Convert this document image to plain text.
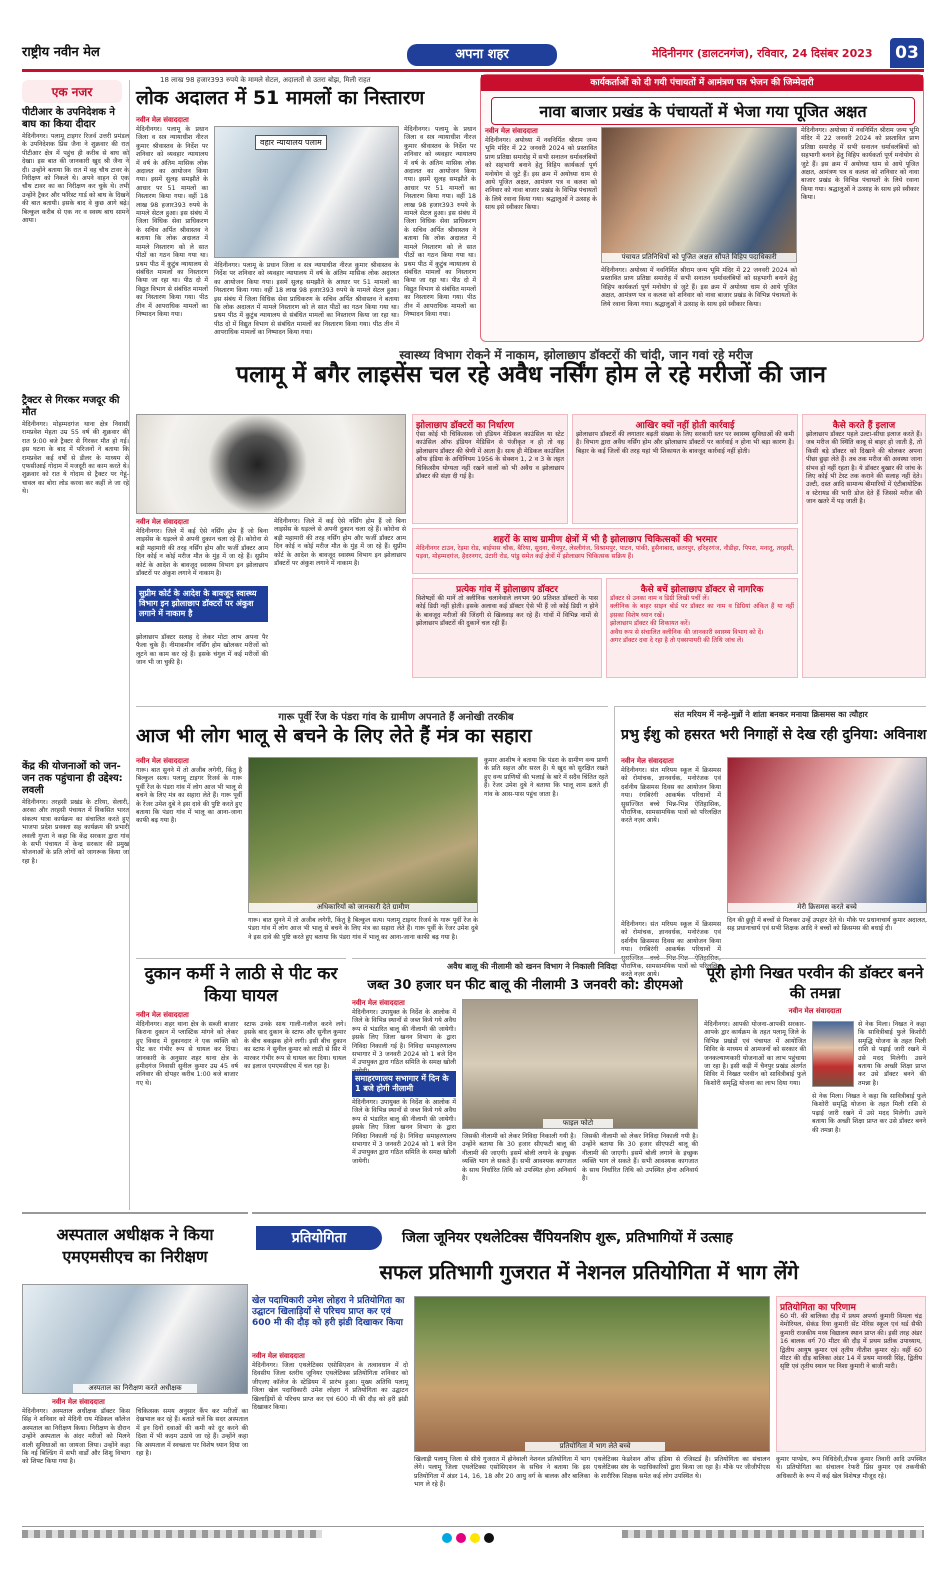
राष्ट्रीय नवीन मेल	अपना शहर	मेदिनीनगर (डालटनगंज), रविवार, 24 दिसंबर 2023	03
एक नजर
पीटीआर के उपनिदेशक ने बाघ का किया दीदार
मेदिनीनगर। पलामू टाइगर रिजर्व उत्तरी प्रमंडल के उपनिदेशक प्रिंस जैना ने शुक्रवार की रात पीटीआर क्षेत्र में पहुंच ही करीब से बाघ को देखा। इस बात की जानकारी खुद श्री जैना ने दी। उन्होंने बताया कि रात में वह चौथ टावर के निरीक्षण को निकले थे। अपने वाहन से एक चौथ टावर का का निरीक्षण कर चुके थे। तभी उन्होंने ट्रैकर और फॉरेस्ट गार्ड को बाघ के दिखने की बात बतायी। इसके बाद वे कुछ आगे बढ़े। बिल्कुल करीब से एक नर व स्वस्थ बाघ सामने आया।
ट्रैक्टर से गिरकर मजदूर की मौत
मेदिनीनगर। मोहम्मदगंज थाना क्षेत्र निवासी रामप्रवेश मेहता उम्र 55 वर्ष की शुक्रवार की रात 9:00 बजे ट्रैक्टर से गिरकर मौत हो गई। इस घटना के बाद में परिजनों ने बताया कि रामप्रवेश कई वर्षों से डीलर के माध्यम से एफसीआई गोदाम में मजदूरी का काम करते थे। शुक्रवार को रात ये गोदाम से ट्रैक्टर पर गेहूं-चावल का बोरा लोड करवा कर कहीं ले जा रहे थे।
केंद्र की योजनाओं को जन-जन तक पहुंचाना ही उद्देश्य: लवली
मेदिनीनगर। तरहसी प्रखंड के टरिया, सेलारी, अरका और तरहसी पंचायत में विकसित भारत संकल्प यात्रा कार्यक्रम का संचालित करते हुए भाजपा प्रदेश प्रवक्ता सह कार्यक्रम की प्रभारी लवली गुप्ता ने कहा कि केंद्र सरकार द्वारा गांव के सभी पंचायत में केन्द्र सरकार की प्रमुख योजनाओं के प्रति लोगों को जागरूक किया जा रहा है।
18 लाख 98 हजार393 रुपये के मामले सेटल, अदालतों से उतरा बोझ, मिली राहत
लोक अदालत में 51 मामलों का निस्तारण
नवीन मेल संवाददाता
मेदिनीनगर। पलामू के प्रधान जिला व सत्र न्यायाधीश नीरज कुमार श्रीवास्तव के निर्देश पर शनिवार को व्यवहार न्यायालय में वर्ष के अंतिम मासिक लोक अदालत का आयोजन किया गया। इसमें सुलह समझौते के आधार पर 51 मामलों का निस्तारण किया गया। वहीं 18 लाख 98 हजार393 रुपये के मामले सेटल हुआ। इस संबंध में जिला विधिक सेवा प्राधिकरण के सचिव अर्पित श्रीवास्तव ने बताया कि लोक अदालत में मामले निस्तारण को ले सात पीठों का गठन किया गया था। प्रथम पीठ में कुटुंब न्यायालय से संबंधित मामलों का निस्तारण किया जा रहा था। पीठ दो में विद्युत विभाग से संबंधित मामलों का निस्तारण किया गया। पीठ तीन में आपराधिक मामलों का निष्पादन किया गया।
वहार न्यायालय पलाम
मेदिनीनगर। पलामू के प्रधान जिला व सत्र न्यायाधीश नीरज कुमार श्रीवास्तव के निर्देश पर शनिवार को व्यवहार न्यायालय में वर्ष के अंतिम मासिक लोक अदालत का आयोजन किया गया। इसमें सुलह समझौते के आधार पर 51 मामलों का निस्तारण किया गया। वहीं 18 लाख 98 हजार393 रुपये के मामले सेटल हुआ। इस संबंध में जिला विधिक सेवा प्राधिकरण के सचिव अर्पित श्रीवास्तव ने बताया कि लोक अदालत में मामले निस्तारण को ले सात पीठों का गठन किया गया था। प्रथम पीठ में कुटुंब न्यायालय से संबंधित मामलों का निस्तारण किया जा रहा था। पीठ दो में विद्युत विभाग से संबंधित मामलों का निस्तारण किया गया। पीठ तीन में आपराधिक मामलों का निष्पादन किया गया।
मेदिनीनगर। पलामू के प्रधान जिला व सत्र न्यायाधीश नीरज कुमार श्रीवास्तव के निर्देश पर शनिवार को व्यवहार न्यायालय में वर्ष के अंतिम मासिक लोक अदालत का आयोजन किया गया। इसमें सुलह समझौते के आधार पर 51 मामलों का निस्तारण किया गया। वहीं 18 लाख 98 हजार393 रुपये के मामले सेटल हुआ। इस संबंध में जिला विधिक सेवा प्राधिकरण के सचिव अर्पित श्रीवास्तव ने बताया कि लोक अदालत में मामले निस्तारण को ले सात पीठों का गठन किया गया था। प्रथम पीठ में कुटुंब न्यायालय से संबंधित मामलों का निस्तारण किया जा रहा था। पीठ दो में विद्युत विभाग से संबंधित मामलों का निस्तारण किया गया। पीठ तीन में आपराधिक मामलों का निष्पादन किया गया।
कार्यकर्ताओं को दी गयी पंचायतों में आमंत्रण पत्र भेजन की जिम्मेदारी
नावा बाजार प्रखंड के पंचायतों में भेजा गया पूजित अक्षत
नवीन मेल संवाददाता
मेदिनीनगर। अयोध्या में नवनिर्मित श्रीराम जन्म भूमि मंदिर में 22 जनवरी 2024 को प्रस्तावित प्राण प्रतिष्ठा समारोह में सभी सनातन धर्मावलंबियों को सहभागी बनाने हेतु विहिप कार्यकर्ता पूर्ण मनोयोग से जुटे हैं। इस क्रम में अयोध्या धाम से आये पूजित अक्षत, आमंत्रण पत्र व कलश को शनिवार को नावा बाजार प्रखंड के विभिन्न पंचायतों के लिये रवाना किया गया। श्रद्धालुओं ने उत्साह के साथ इसे स्वीकार किया।
पंचायत प्रतिनिधियों को पूजित अक्षत सौंपते विहिप पदाधिकारी
मेदिनीनगर। अयोध्या में नवनिर्मित श्रीराम जन्म भूमि मंदिर में 22 जनवरी 2024 को प्रस्तावित प्राण प्रतिष्ठा समारोह में सभी सनातन धर्मावलंबियों को सहभागी बनाने हेतु विहिप कार्यकर्ता पूर्ण मनोयोग से जुटे हैं। इस क्रम में अयोध्या धाम से आये पूजित अक्षत, आमंत्रण पत्र व कलश को शनिवार को नावा बाजार प्रखंड के विभिन्न पंचायतों के लिये रवाना किया गया। श्रद्धालुओं ने उत्साह के साथ इसे स्वीकार किया।
मेदिनीनगर। अयोध्या में नवनिर्मित श्रीराम जन्म भूमि मंदिर में 22 जनवरी 2024 को प्रस्तावित प्राण प्रतिष्ठा समारोह में सभी सनातन धर्मावलंबियों को सहभागी बनाने हेतु विहिप कार्यकर्ता पूर्ण मनोयोग से जुटे हैं। इस क्रम में अयोध्या धाम से आये पूजित अक्षत, आमंत्रण पत्र व कलश को शनिवार को नावा बाजार प्रखंड के विभिन्न पंचायतों के लिये रवाना किया गया। श्रद्धालुओं ने उत्साह के साथ इसे स्वीकार किया।
स्वास्थ्य विभाग रोकने में नाकाम, झोलाछाप डॉक्टरों की चांदी, जान गवां रहे मरीज
पलामू में बगैर लाइसेंस चल रहे अवैध नर्सिंग होम ले रहे मरीजों की जान
नवीन मेल संवाददाता
मेदिनीनगर। जिले में कई ऐसे नर्सिंग होम हैं जो बिना लाइसेंस के धड़ल्ले से अपनी दुकान चला रहे हैं। कोरोना से बड़ी महामारी की तरह नर्सिंग होम और फर्जी डॉक्टर आम दिन कोई न कोई मरीज मौत के मुंह में जा रहे हैं। सुप्रीम कोर्ट के आदेश के बावजूद स्वास्थ्य विभाग इन झोलाछाप डॉक्टरों पर अंकुश लगाने में नाकाम है।
सुप्रीम कोर्ट के आदेश के बावजूद स्वास्थ्य विभाग इन झोलाछाप डॉक्टरों पर अंकुश लगाने में नाकाम है
झोलाछाप डॉक्टर सलाह दे लेकर मोटा लाभ अपना पैर फैला चुके हैं। नीमाकमीन नर्सिंग होम खोलकर मरीजों को लूटने का काम कर रहे हैं। इसके चंगुल में कई मरीजों की जान भी जा चुकी है।
मेदिनीनगर। जिले में कई ऐसे नर्सिंग होम हैं जो बिना लाइसेंस के धड़ल्ले से अपनी दुकान चला रहे हैं। कोरोना से बड़ी महामारी की तरह नर्सिंग होम और फर्जी डॉक्टर आम दिन कोई न कोई मरीज मौत के मुंह में जा रहे हैं। सुप्रीम कोर्ट के आदेश के बावजूद स्वास्थ्य विभाग इन झोलाछाप डॉक्टरों पर अंकुश लगाने में नाकाम है।
झोलाछाप डॉक्टरों का निर्धारण
ऐसा कोई भी चिकित्सक जो इंडियन मेडिकल काउंसिल या स्टेट काउंसिल ऑफ इंडियन मेडिसिन से पंजीकृत न हो तो वह झोलाछाप डॉक्टर की श्रेणी में आता है। साथ ही मेडिकल काउंसिल ऑफ इंडिया के अधिनियम 1956 के सेक्शन 1, 2 व 3 के तहत चिकित्सीय योग्यता नहीं रखने वालों को भी अवैध व झोलाछाप डॉक्टर की संज्ञा दी गई है।
आखिर क्यों नहीं होती कार्रवाई
झोलाछाप डॉक्टरों की लगातार बढ़ती संख्या के लिए सरकारी स्तर पर स्वास्थ्य सुविधाओं की कमी है। विभाग द्वारा अवैध नर्सिंग होम और झोलाछाप डॉक्टरों पर कार्रवाई न होना भी बड़ा कारण है। बिहार के कई जिलों की तरह यहां भी शिकायत के बावजूद कार्रवाई नहीं होती।
शहरों के साथ ग्रामीण क्षेत्रों में भी है झोलाछाप चिकित्सकों की भरमार
मेदिनीनगर टाउन, रेड़मा रोड, बाईपास चौक, बैरिया, सुदना, चैनपुर, लेस्लीगंज, विश्रामपुर, पाटन, पांकी, हुसैनाबाद, छतरपुर, हरिहरगंज, नौडीहा, पिपरा, मनातू, तरहसी, पड़वा, मोहम्मदगंज, हैदरनगर, उंटारी रोड, पांडु समेत कई क्षेत्रों में झोलाछाप चिकित्सक सक्रिय हैं।
प्रत्येक गांव में झोलाछाप डॉक्टर
विशेषज्ञों की मानें तो क्लीनिक चलानेवाले लगभग 90 प्रतिशत डॉक्टरों के पास कोई डिग्री नहीं होती। इसके अलावा कई डॉक्टर ऐसे भी हैं जो कोई डिग्री न होने के बावजूद मरीजों की जिंदगी से खिलवाड़ कर रहे हैं। गांवों में विभिन्न नामों से झोलाछाप डॉक्टरों की दुकानें चल रही हैं।
कैसे बचें झोलाछाप डॉक्टर से नागरिक
डॉक्टर से उनका नाम व डिग्री लिखी पर्ची लें।
क्लीनिक के बाहर साइन बोर्ड पर डॉक्टर का नाम व डिग्रियां अंकित हैं या नहीं इसका विशेष ध्यान रखें।
झोलाछाप डॉक्टर की शिकायत करें।
अवैध रूप से संचालित क्लीनिक की जानकारी स्वास्थ्य विभाग को दें।
अगर डॉक्टर दवा दे रहा है तो एक्सपायरी की तिथि जांच लें।
कैसे करते हैं इलाज
झोलाछाप डॉक्टर पहले उल्टा-सीधा इलाज करते हैं। जब मरीज की स्थिति काबू से बाहर हो जाती है, तो किसी बड़े डॉक्टर को दिखाने की बोलकर अपना पीछा छुड़ा लेते हैं। तब तक मरीज की अवस्था जाना संभव हो नहीं रहता है। ये डॉक्टर बुखार की जांच के लिए कोई भी टेस्ट तक कराने की सलाह नहीं देते। उल्टी, दस्त आदि सामान्य बीमारियों में एंटीबायोटिक व स्टेरायड की भारी डोज देते हैं जिससे मरीज की जान खतरे में पड़ जाती है।
गारू पूर्वी रेंज के पंडरा गांव के ग्रामीण अपनाते हैं अनोखी तरकीब
आज भी लोग भालू से बचने के लिए लेते हैं मंत्र का सहारा
नवीन मेल संवाददाता
गारू। बात सुनने में तो अजीब लगेगी, किंतु है बिल्कुल सत्य। पलामू टाइगर रिजर्व के गारू पूर्वी रेंज के पंडरा गांव में लोग आज भी भालू से बचने के लिए मंत्र का सहारा लेते हैं। गारू पूर्वी के रेंजर उमेश दुबे ने इस दावे की पुष्टि करते हुए बताया कि पंडरा गांव में भालू का आना-जाना काफी बढ़ गया है।
अधिकारियों को जानकारी देते ग्रामीण
गारू। बात सुनने में तो अजीब लगेगी, किंतु है बिल्कुल सत्य। पलामू टाइगर रिजर्व के गारू पूर्वी रेंज के पंडरा गांव में लोग आज भी भालू से बचने के लिए मंत्र का सहारा लेते हैं। गारू पूर्वी के रेंजर उमेश दुबे ने इस दावे की पुष्टि करते हुए बताया कि पंडरा गांव में भालू का आना-जाना काफी बढ़ गया है।
कुमार आशीष ने बताया कि पंडरा के ग्रामीण वन्य प्राणी के प्रति सहज और सरल हैं। ये खुद को सुरक्षित रखते हुए वन्य प्राणियों की भलाई के बारे में सदैव चिंतित रहते हैं। रेंजर उमेश दुबे ने बताया कि भालू शाम ढलते ही गांव के आस-पास पहुंच जाता है।
संत मरियम में नन्हे-मुन्नों ने शांता बनकर मनाया क्रिसमस का त्यौहार
प्रभु ईशु को हसरत भरी निगाहों से देख रही दुनिया: अविनाश
नवीन मेल संवाददाता
मेदिनीनगर। संत मरियम स्कूल में क्रिसमस को रोमांचक, ज्ञानवर्धक, मनोरंजक एवं दर्शनीय क्रिसमस दिवस का आयोजन किया गया। रंगबिरंगी आकर्षक परिधानों में सुसज्जित बच्चे भिन्न-भिन्न ऐतिहासिक, पौराणिक, सामसामयिक पात्रों को परिलक्षित करते नज़र आये।
मेरी क्रिसमस करते बच्चे
दिन की छुट्टी में बच्चों से मिलकर उन्हें उपहार देते थे। मौके पर प्रधानाचार्य कुमार अदालत, सह प्रधानाचार्य एवं सभी शिक्षक आदि ने बच्चों को क्रिसमस की बधाई दी।
मेदिनीनगर। संत मरियम स्कूल में क्रिसमस को रोमांचक, ज्ञानवर्धक, मनोरंजक एवं दर्शनीय क्रिसमस दिवस का आयोजन किया गया। रंगबिरंगी आकर्षक परिधानों में सुसज्जित बच्चे भिन्न-भिन्न ऐतिहासिक, पौराणिक, सामसामयिक पात्रों को परिलक्षित करते नज़र आये।
दुकान कर्मी ने लाठी से पीट कर किया घायल
नवीन मेल संवाददाता
मेदिनीनगर। शहर थाना क्षेत्र के सब्जी बाजार किराना दुकान में प्लास्टिक मांगने को लेकर हुए विवाद में दुकानदार ने एक व्यक्ति को पीट कर गंभीर रूप से घायल कर दिया। जानकारी के अनुसार शहर थाना क्षेत्र के हमीदगंज निवासी सुनील कुमार उम्र 45 वर्ष शनिवार की दोपहर करीब 1:00 बजे बाजार गए थे।
स्टाफ उनके साथ गाली-गलौज करने लगे। इसके बाद दुकान के स्टाफ और सुनील कुमार के बीच बकझक होने लगी। इसी बीच दुकान का स्टाफ ने सुनील कुमार को लाठी से सिर में मारकर गंभीर रूप से घायल कर दिया। घायल का इलाज एमएमसीएच में चल रहा है।
अवैध बालू की नीलामी को खनन विभाग ने निकाली निविदा
जब्त 30 हजार घन फीट बालू की नीलामी 3 जनवरी को: डीएमओ
नवीन मेल संवाददाता
मेदिनीनगर। उपायुक्त के निर्देश के आलोक में जिले के विभिन्न स्थानों से जब्त किये गये अवैध रूप से भंडारित बालू की नीलामी की जायेगी। इसके लिए जिला खनन विभाग के द्वारा निविदा निकाली गई है। निविदा समाहरणालय सभागार में 3 जनवरी 2024 को 1 बजे दिन में उपायुक्त द्वारा गठित समिति के समक्ष खोली
समाहरणालय सभागार में दिन के 1 बजे होगी नीलामी
मेदिनीनगर। उपायुक्त के निर्देश के आलोक में जिले के विभिन्न स्थानों से जब्त किये गये अवैध रूप से भंडारित बालू की नीलामी की जायेगी। इसके लिए जिला खनन विभाग के द्वारा निविदा निकाली गई है। निविदा समाहरणालय सभागार में 3 जनवरी 2024 को 1 बजे दिन में उपायुक्त द्वारा गठित समिति के समक्ष खोली जायेगी।
फाइल फोटो
जिसकी नीलामी को लेकर निविदा निकाली गयी है। उन्होंने बताया कि 30 हजार सीएफटी बालू की नीलामी की जाएगी। इसमें बोली लगाने के इच्छुक व्यक्ति भाग ले सकते हैं। सभी आवश्यक कागजात के साथ निर्धारित तिथि को उपस्थित होना अनिवार्य है।
जिसकी नीलामी को लेकर निविदा निकाली गयी है। उन्होंने बताया कि 30 हजार सीएफटी बालू की नीलामी की जाएगी। इसमें बोली लगाने के इच्छुक व्यक्ति भाग ले सकते हैं। सभी आवश्यक कागजात के साथ निर्धारित तिथि को उपस्थित होना अनिवार्य है।
पूरी होगी निखत परवीन की डॉक्टर बनने की तमन्ना
नवीन मेल संवाददाता
मेदिनीनगर। आपकी योजना-आपकी सरकार-आपके द्वार कार्यक्रम के तहत पलामू जिले के विभिन्न प्रखंडों एवं पंचायत में आयोजित शिविर के माध्यम से आमजनों को सरकार की जनकल्याणकारी योजनाओं का लाभ पहुंचाया जा रहा है। इसी कड़ी में चैनपुर प्रखंड अंतर्गत शिविर में निखत परवीन को सावित्रीबाई फुले किशोरी समृद्धि योजना का लाभ दिया गया।
से नेक मिला। निखत ने कहा कि सावित्रीबाई फुले किशोरी समृद्धि योजना के तहत मिली राशि से पढ़ाई जारी रखने में उसे मदद मिलेगी। उसने बताया कि अच्छी शिक्षा प्राप्त कर उसे डॉक्टर बनने की तमन्ना है।
से नेक मिला। निखत ने कहा कि सावित्रीबाई फुले किशोरी समृद्धि योजना के तहत मिली राशि से पढ़ाई जारी रखने में उसे मदद मिलेगी। उसने बताया कि अच्छी शिक्षा प्राप्त कर उसे डॉक्टर बनने की तमन्ना है।
अस्पताल अधीक्षक ने किया एमएमसीएच का निरीक्षण
अस्पताल का निरीक्षण करते अधीक्षक
नवीन मेल संवाददाता
मेदिनीनगर। अस्पताल अधीक्षक डॉक्टर किस सिंह ने शनिवार को मेदिनी राय मेडिकल कॉलेज अस्पताल का निरीक्षण किया। निरीक्षण के दौरान उन्होंने अस्पताल के अंदर मरीजों को मिलने वाली सुविधाओं का जायजा लिया। उन्होंने कहा कि नई बिल्डिंग में सभी वार्डों और शिशु विभाग को शिफ्ट किया गया है।
चिकित्सक समय अनुसार कैंप कर मरीजों का देखभाल कर रहे हैं। बताते चलें कि सदर अस्पताल में इन दिनों दवाओं की कमी को दूर करने की दिशा में भी कदम उठाये जा रहे हैं। उन्होंने कहा कि अस्पताल में स्वच्छता पर विशेष ध्यान दिया जा रहा है।
प्रतियोगिता	जिला जूनियर एथलेटिक्स चैंपियनशिप शुरू, प्रतिभागियों में उत्साह
सफल प्रतिभागी गुजरात में नेशनल प्रतियोगिता में भाग लेंगे
खेल पदाधिकारी उमेश लोहरा ने प्रतियोगिता का उद्घाटन खिलाड़ियों से परिचय प्राप्त कर एवं 600 मी की दौड़ को हरी झंडी दिखाकर किया
नवीन मेल संवाददाता
मेदिनीनगर। जिला एथलेटिक्स एसोसिएशन के तत्वावधान में दो दिवसीय जिला स्तरीय जूनियर एथलेटिक्स प्रतियोगिता शनिवार को जीएलए कॉलेज के स्टेडियम में प्रारंभ हुआ। मुख्य अतिथि पलामू जिला खेल पदाधिकारी उमेश लोहरा ने प्रतियोगिता का उद्घाटन खिलाड़ियों से परिचय प्राप्त कर एवं 600 मी की दौड़ को हरी झंडी दिखाकर किया।
प्रतियोगिता में भाग लेते बच्चे
खिलाड़ी पलामू जिला से सीधे गुजरात में होनेवाली नेशनल प्रतियोगिता में भाग लेंगे। पलामू जिला एथलेटिक्स एसोसिएशन के सचिव ने बताया कि इस प्रतियोगिता में अंडर 14, 16, 18 और 20 आयु वर्ग के बालक और बालिका भाग ले रहे हैं।
एथलेटिक्स फेडरेशन ऑफ इंडिया से रजिस्टर्ड है। प्रतियोगिता का संचालन एथलेटिक्स संघ के पदाधिकारियों द्वारा किया जा रहा है। मौके पर जीजीपीएस के शारीरिक शिक्षक समेत कई लोग उपस्थित थे।
प्रतियोगिता का परिणाम
60 मी. की बालिका दौड़ में प्रथम अपर्णा कुमारी विमला चंद्र मेमोरियल, सेकंड रिया कुमारी सेंट मेरिस स्कूल एवं थर्ड सैफी कुमारी राजकीय मध्य विद्यालय स्थान प्राप्त की। इसी तरह अंडर 16 बालक वर्ग 70 मीटर की दौड़ में प्रथम प्रतीक उपाध्याय, द्वितीय आयुष कुमार एवं तृतीय नीतीश कुमार रहे। वहीं 60 मीटर की दौड़ बालिका अंडर 14 में प्रथम मानसी सिंह, द्वितीय सृष्टि एवं तृतीय स्थान पर निशा कुमारी ने बाजी मारी।
कुमार पाण्डेय, रूप विधिदेवी,दीपक कुमार तिवारी आदि उपस्थित थे। प्रतियोगिता का संचालन रेफरी प्रिंस कुमार एवं तकनीकी अधिकारी के रूप में कई खेल विशेषज्ञ मौजूद रहे।
